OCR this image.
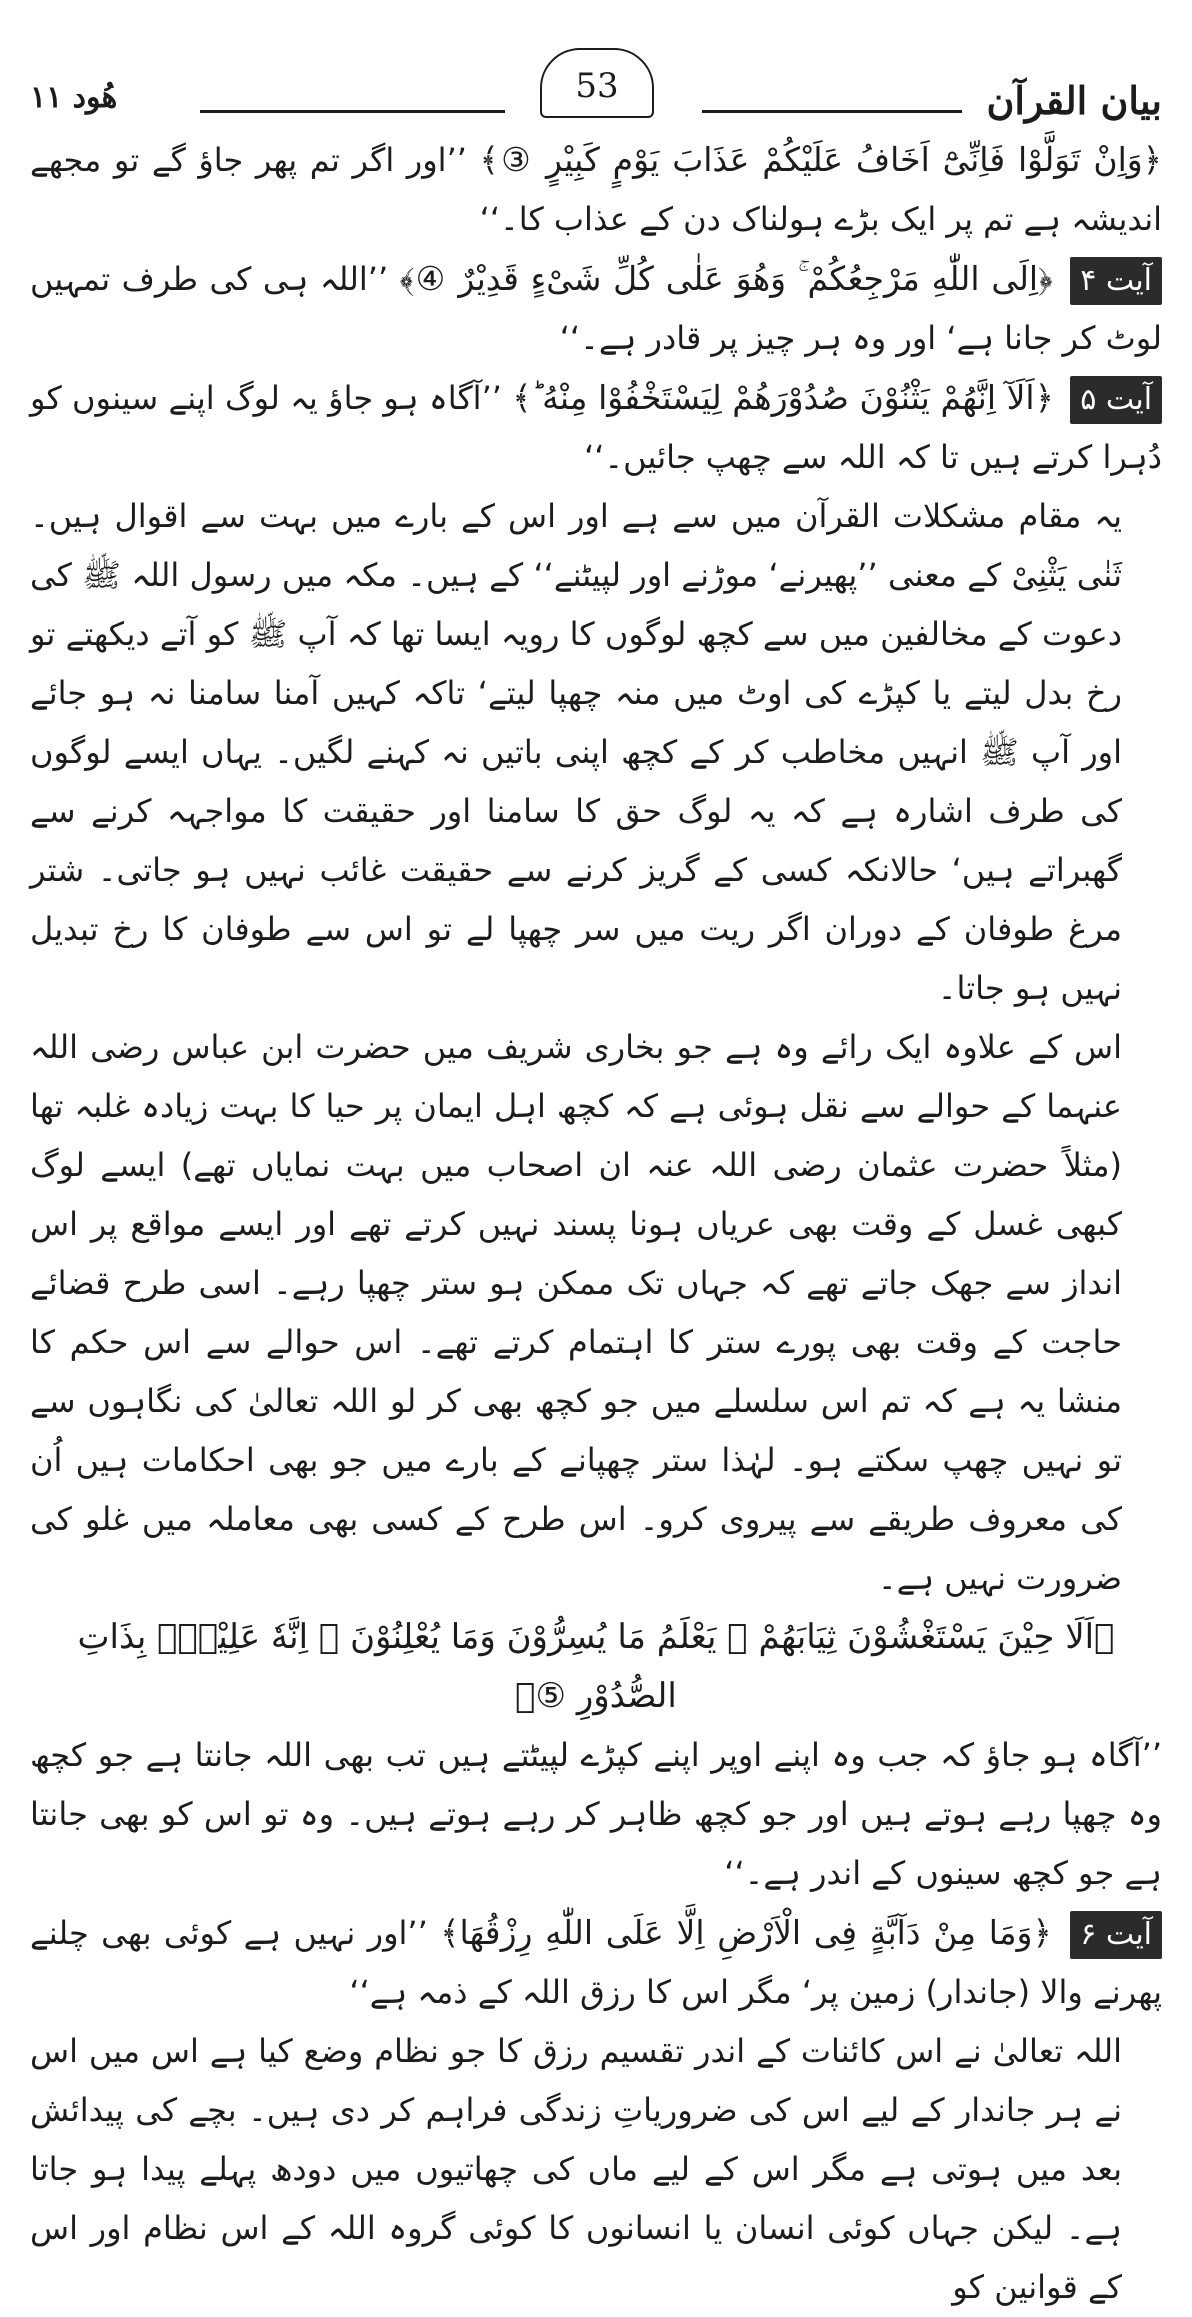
بیان القرآن
53
ھُود ۱۱

﴿وَاِنْ تَوَلَّوْا فَاِنِّیْٓ اَخَافُ عَلَیْكُمْ عَذَابَ یَوْمٍ كَبِیْرٍ ③﴾ ’’اور اگر تم پھر جاؤ گے تو مجھے اندیشہ ہے تم پر ایک بڑے ہولناک دن کے عذاب کا۔‘‘

آیت ۴ ﴿اِلَی اللّٰهِ مَرْجِعُكُمْ ۚ وَهُوَ عَلٰی كُلِّ شَیْءٍ قَدِیْرٌ ④﴾ ’’اللہ ہی کی طرف تمہیں لوٹ کر جانا ہے‘ اور وہ ہر چیز پر قادر ہے۔‘‘

آیت ۵ ﴿اَلَآ اِنَّهُمْ یَثْنُوْنَ صُدُوْرَهُمْ لِیَسْتَخْفُوْا مِنْهُ ؕ﴾ ’’آگاہ ہو جاؤ یہ لوگ اپنے سینوں کو دُہرا کرتے ہیں تا کہ اللہ سے چھپ جائیں۔‘‘

یہ مقام مشکلات القرآن میں سے ہے اور اس کے بارے میں بہت سے اقوال ہیں۔ ثَنٰی یَثْنِیْ کے معنی ’’پھیرنے‘ موڑنے اور لپیٹنے‘‘ کے ہیں۔ مکہ میں رسول اللہ ﷺ کی دعوت کے مخالفین میں سے کچھ لوگوں کا رویہ ایسا تھا کہ آپ ﷺ کو آتے دیکھتے تو رخ بدل لیتے یا کپڑے کی اوٹ میں منہ چھپا لیتے‘ تاکہ کہیں آمنا سامنا نہ ہو جائے اور آپ ﷺ انہیں مخاطب کر کے کچھ اپنی باتیں نہ کہنے لگیں۔ یہاں ایسے لوگوں کی طرف اشارہ ہے کہ یہ لوگ حق کا سامنا اور حقیقت کا مواجہہ کرنے سے گھبراتے ہیں‘ حالانکہ کسی کے گریز کرنے سے حقیقت غائب نہیں ہو جاتی۔ شتر مرغ طوفان کے دوران اگر ریت میں سر چھپا لے تو اس سے طوفان کا رخ تبدیل نہیں ہو جاتا۔

اس کے علاوہ ایک رائے وہ ہے جو بخاری شریف میں حضرت ابن عباس رضی اللہ عنہما کے حوالے سے نقل ہوئی ہے کہ کچھ اہل ایمان پر حیا کا بہت زیادہ غلبہ تھا (مثلاً حضرت عثمان رضی اللہ عنہ ان اصحاب میں بہت نمایاں تھے) ایسے لوگ کبھی غسل کے وقت بھی عریاں ہونا پسند نہیں کرتے تھے اور ایسے مواقع پر اس انداز سے جھک جاتے تھے کہ جہاں تک ممکن ہو ستر چھپا رہے۔ اسی طرح قضائے حاجت کے وقت بھی پورے ستر کا اہتمام کرتے تھے۔ اس حوالے سے اس حکم کا منشا یہ ہے کہ تم اس سلسلے میں جو کچھ بھی کر لو اللہ تعالیٰ کی نگاہوں سے تو نہیں چھپ سکتے ہو۔ لہٰذا ستر چھپانے کے بارے میں جو بھی احکامات ہیں اُن کی معروف طریقے سے پیروی کرو۔ اس طرح کے کسی بھی معاملہ میں غلو کی ضرورت نہیں ہے۔

﴿اَلَا حِیْنَ یَسْتَغْشُوْنَ ثِیَابَهُمْ ۙ یَعْلَمُ مَا یُسِرُّوْنَ وَمَا یُعْلِنُوْنَ ۚ اِنَّهٗ عَلِیْمٌۢ بِذَاتِ الصُّدُوْرِ ⑤﴾

’’آگاہ ہو جاؤ کہ جب وہ اپنے اوپر اپنے کپڑے لپیٹتے ہیں تب بھی اللہ جانتا ہے جو کچھ وہ چھپا رہے ہوتے ہیں اور جو کچھ ظاہر کر رہے ہوتے ہیں۔ وہ تو اس کو بھی جانتا ہے جو کچھ سینوں کے اندر ہے۔‘‘

آیت ۶ ﴿وَمَا مِنْ دَآبَّةٍ فِی الْاَرْضِ اِلَّا عَلَی اللّٰهِ رِزْقُهَا﴾ ’’اور نہیں ہے کوئی بھی چلنے پھرنے والا (جاندار) زمین پر‘ مگر اس کا رزق اللہ کے ذمہ ہے‘‘

اللہ تعالیٰ نے اس کائنات کے اندر تقسیم رزق کا جو نظام وضع کیا ہے اس میں اس نے ہر جاندار کے لیے اس کی ضروریاتِ زندگی فراہم کر دی ہیں۔ بچے کی پیدائش بعد میں ہوتی ہے مگر اس کے لیے ماں کی چھاتیوں میں دودھ پہلے پیدا ہو جاتا ہے۔ لیکن جہاں کوئی انسان یا انسانوں کا کوئی گروہ اللہ کے اس نظام اور اس کے قوانین کو
